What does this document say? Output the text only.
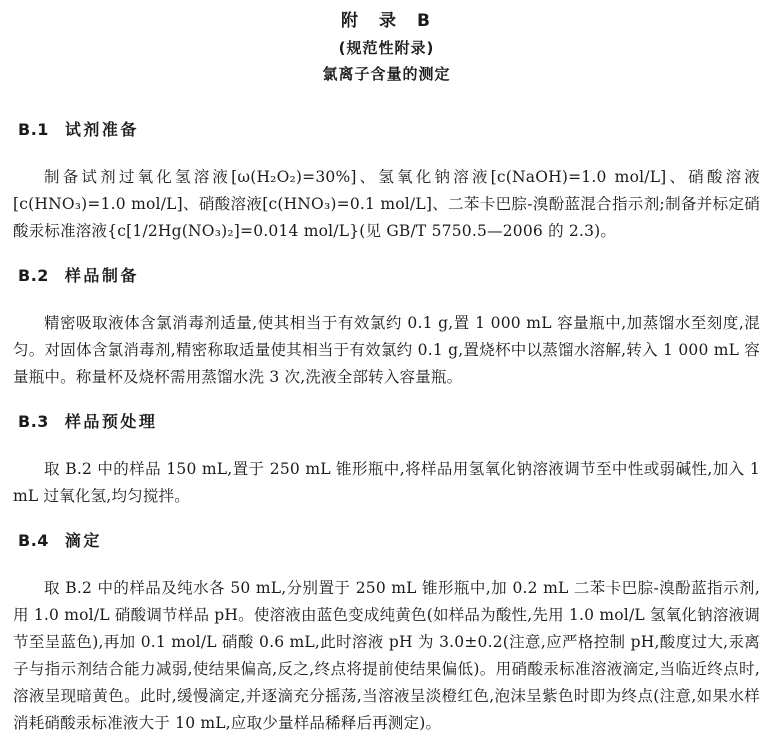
附　录　B
(规范性附录)
氯离子含量的测定
B.1 试剂准备

制备试剂过氧化氢溶液[ω(H₂O₂)=30%]、氢氧化钠溶液[c(NaOH)=1.0 mol/L]、硝酸溶液[c(HNO₃)=1.0 mol/L]、硝酸溶液[c(HNO₃)=0.1 mol/L]、二苯卡巴腙-溴酚蓝混合指示剂;制备并标定硝酸汞标准溶液{c[1/2Hg(NO₃)₂]=0.014 mol/L}(见 GB/T 5750.5—2006 的 2.3)。

B.2 样品制备

精密吸取液体含氯消毒剂适量,使其相当于有效氯约 0.1 g,置 1 000 mL 容量瓶中,加蒸馏水至刻度,混匀。对固体含氯消毒剂,精密称取适量使其相当于有效氯约 0.1 g,置烧杯中以蒸馏水溶解,转入 1 000 mL 容量瓶中。称量杯及烧杯需用蒸馏水洗 3 次,洗液全部转入容量瓶。

B.3 样品预处理

取 B.2 中的样品 150 mL,置于 250 mL 锥形瓶中,将样品用氢氧化钠溶液调节至中性或弱碱性,加入 1 mL 过氧化氢,均匀搅拌。

B.4 滴定

取 B.2 中的样品及纯水各 50 mL,分别置于 250 mL 锥形瓶中,加 0.2 mL 二苯卡巴腙-溴酚蓝指示剂,用 1.0 mol/L 硝酸调节样品 pH。使溶液由蓝色变成纯黄色(如样品为酸性,先用 1.0 mol/L 氢氧化钠溶液调节至呈蓝色),再加 0.1 mol/L 硝酸 0.6 mL,此时溶液 pH 为 3.0±0.2(注意,应严格控制 pH,酸度过大,汞离子与指示剂结合能力减弱,使结果偏高,反之,终点将提前使结果偏低)。用硝酸汞标准溶液滴定,当临近终点时,溶液呈现暗黄色。此时,缓慢滴定,并逐滴充分摇荡,当溶液呈淡橙红色,泡沫呈紫色时即为终点(注意,如果水样消耗硝酸汞标准液大于 10 mL,应取少量样品稀释后再测定)。
